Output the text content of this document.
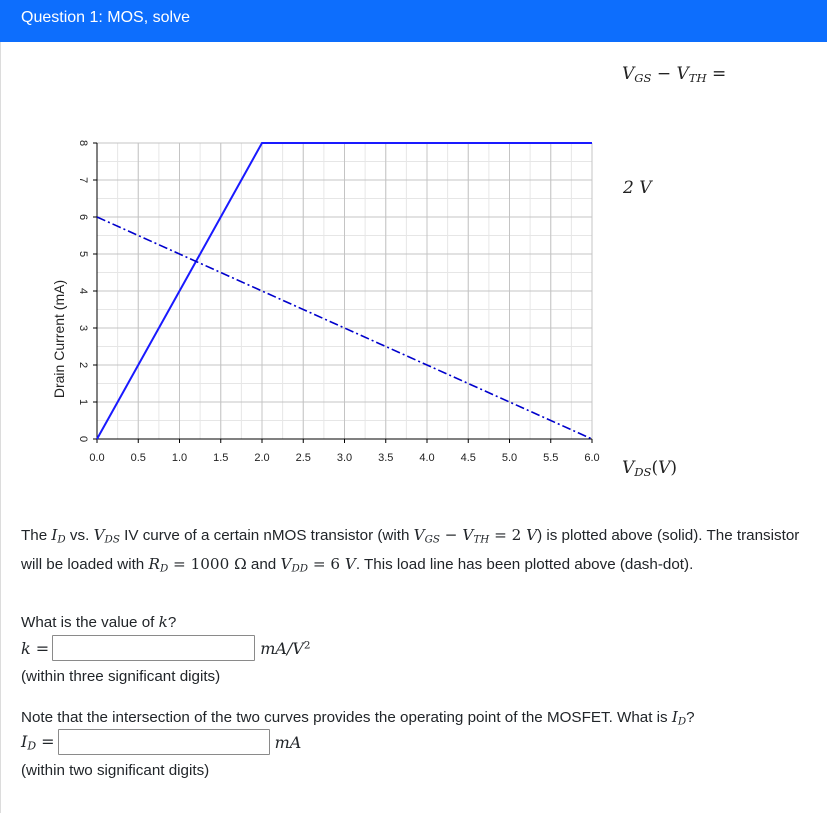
Question 1: MOS, solve
0.0 0.5 1.0 1.5 2.0 2.5 3.0 3.5 4.0 4.5 5.0 5.5 6.0
0
1
2
3
4
5
6
7
8
Drain Current (mA)
$V_{GS} - V_{TH}$ =
2 V
$V_{DS}(V)$
The $I_D$ vs. $V_{DS}$ IV curve of a certain nMOS transistor (with $V_{GS} - V_{TH} = 2$ V) is plotted above (solid). The transistor will be loaded with $R_D = 1000$ Ω and $V_{DD} = 6$ V. This load line has been plotted above (dash-dot).
What is the value of k?
k =	$mA/V^2$
(within three significant digits)
Note that the intersection of the two curves provides the operating point of the MOSFET. What is $I_D$?
$I_D$ =	mA
(within two significant digits)
